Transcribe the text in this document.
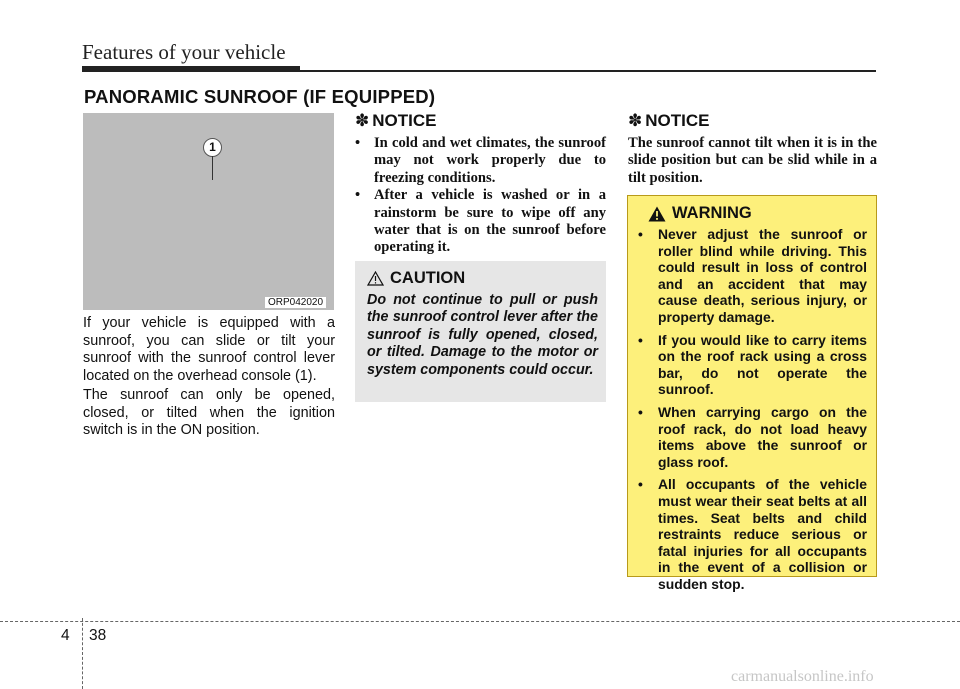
Features of your vehicle
PANORAMIC SUNROOF (IF EQUIPPED)
1
ORP042020

If your vehicle is equipped with a sunroof, you can slide or tilt your sunroof with the sunroof control lever located on the overhead console (1).

The sunroof can only be opened, closed, or tilted when the ignition switch is in the ON position.

✽ NOTICE
• In cold and wet climates, the sunroof may not work properly due to freezing conditions.
• After a vehicle is washed or in a rainstorm be sure to wipe off any water that is on the sunroof before operating it.
CAUTION

Do not continue to pull or push the sunroof control lever after the sunroof is fully opened, closed, or tilted. Damage to the motor or system components could occur.

✽ NOTICE

The sunroof cannot tilt when it is in the slide position but can be slid while in a tilt position.

WARNING
• Never adjust the sunroof or roller blind while driving. This could result in loss of control and an accident that may cause death, serious injury, or property damage.
• If you would like to carry items on the roof rack using a cross bar, do not operate the sunroof.
• When carrying cargo on the roof rack, do not load heavy items above the sunroof or glass roof.
• All occupants of the vehicle must wear their seat belts at all times. Seat belts and child restraints reduce serious or fatal injuries for all occupants in the event of a collision or sudden stop.
4 38
carmanualsonline.info
